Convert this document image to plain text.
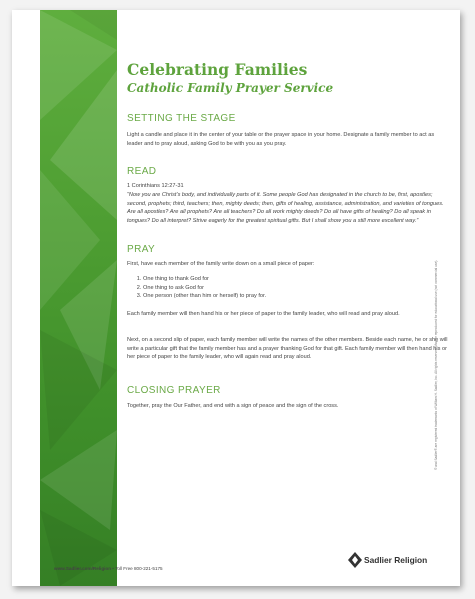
Celebrating Families
Catholic Family Prayer Service
SETTING THE STAGE
Light a candle and place it in the center of your table or the prayer space in your home. Designate a family member to act as leader and to pray aloud, asking God to be with you as you pray.
READ
1 Corinthians 12:27-31
“Now you are Christ’s body, and individually parts of it. Some people God has designated in the church to be, first, apostles; second, prophets; third, teachers; then, mighty deeds; then, gifts of healing, assistance, administration, and varieties of tongues. Are all apostles? Are all prophets? Are all teachers? Do all work mighty deeds? Do all have gifts of healing? Do all speak in tongues? Do all interpret? Strive eagerly for the greatest spiritual gifts. But I shall show you a still more excellent way.”
PRAY
First, have each member of the family write down on a small piece of paper:
1. One thing to thank God for
2. One thing to ask God for
3. One person (other than him or herself) to pray for.
Each family member will then hand his or her piece of paper to the family leader, who will read and pray aloud.
Next, on a second slip of paper, each family member will write the names of the other members. Beside each name, he or she will write a particular gift that the family member has and a prayer thanking God for that gift. Each family member will then hand his or her piece of paper to the family leader, who will again read and pray aloud.
CLOSING PRAYER
Together, pray the Our Father, and end with a sign of peace and the sign of the cross.
www.Sadlier.com/Religion • Toll Free 800-221-5175
Sadlier Religion
® and Sadlier® are registered trademarks of William H. Sadlier, Inc. All rights reserved. May be reproduced for educational use (not commercial use).
